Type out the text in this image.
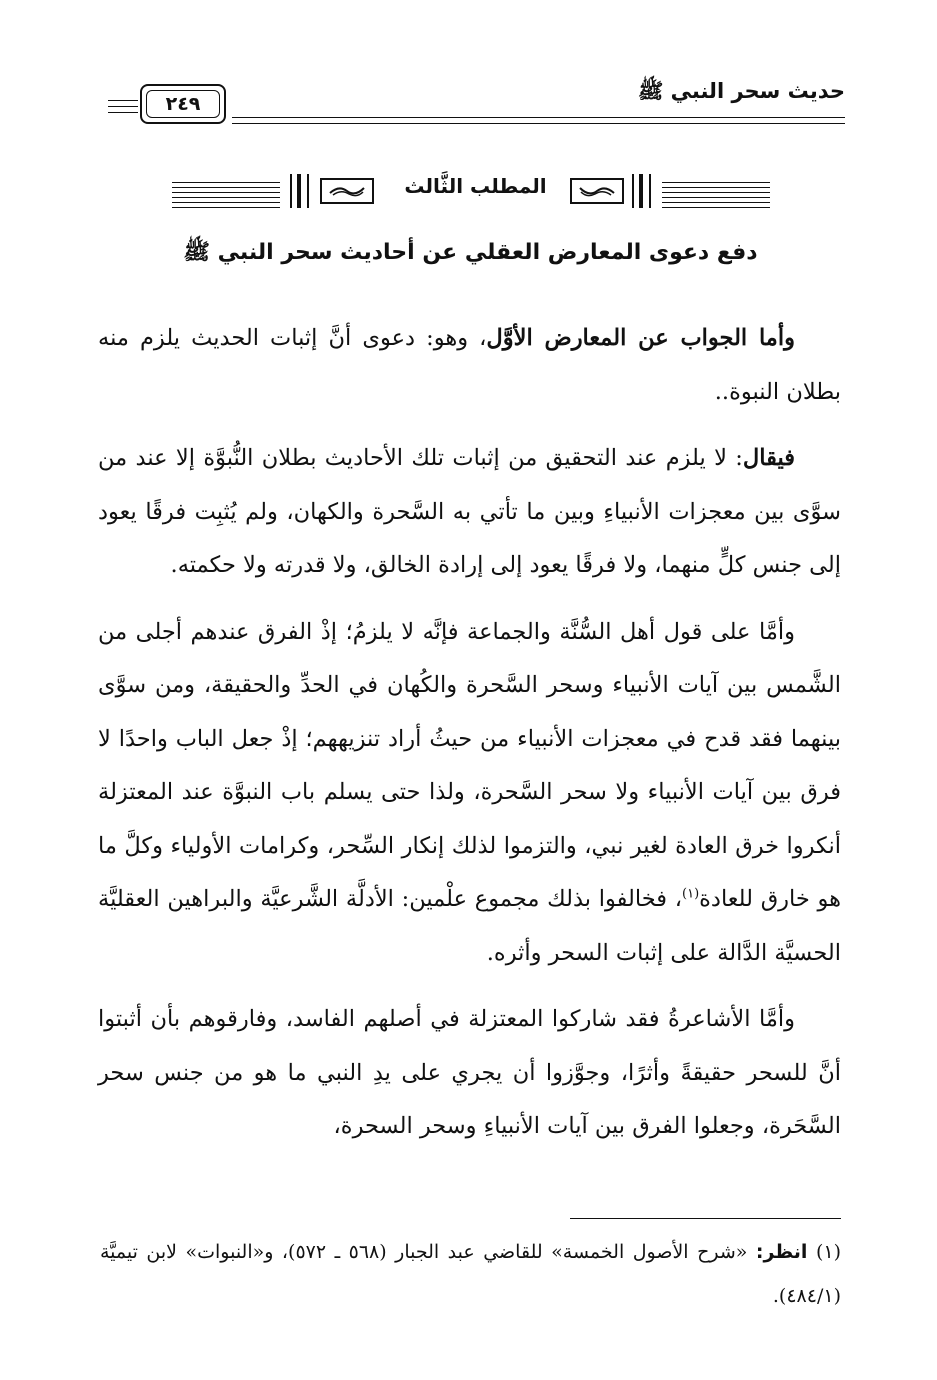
حديث سحر النبي ﷺ
٢٤٩
المطلب الثَّالث
دفع دعوى المعارض العقلي عن أحاديث سحر النبي ﷺ

وأما الجواب عن المعارض الأوَّل، وهو: دعوى أنَّ إثبات الحديث يلزم منه بطلان النبوة..

فيقال: لا يلزم عند التحقيق من إثبات تلك الأحاديث بطلان النُّبوَّة إلا عند من سوَّى بين معجزات الأنبياءِ وبين ما تأتي به السَّحرة والكهان، ولم يُثبِت فرقًا يعود إلى جنس كلٍّ منهما، ولا فرقًا يعود إلى إرادة الخالق، ولا قدرته ولا حكمته.

وأمَّا على قول أهل السُّنَّة والجماعة فإنَّه لا يلزمُ؛ إذْ الفرق عندهم أجلى من الشَّمس بين آيات الأنبياء وسحر السَّحرة والكُهان في الحدِّ والحقيقة، ومن سوَّى بينهما فقد قدح في معجزات الأنبياء من حيثُ أراد تنزيههم؛ إذْ جعل الباب واحدًا لا فرق بين آيات الأنبياء ولا سحر السَّحرة، ولذا حتى يسلم باب النبوَّة عند المعتزلة أنكروا خرق العادة لغير نبي، والتزموا لذلك إنكار السِّحر، وكرامات الأولياء وكلَّ ما هو خارق للعادة$^{(١)}$، فخالفوا بذلك مجموع علْمين: الأدلَّة الشَّرعيَّة والبراهين العقليَّة الحسيَّة الدَّالة على إثبات السحر وأثره.

وأمَّا الأشاعرةُ فقد شاركوا المعتزلة في أصلهم الفاسد، وفارقوهم بأن أثبتوا أنَّ للسحر حقيقةً وأثرًا، وجوَّزوا أن يجري على يدِ النبي ما هو من جنس سحر السَّحَرة، وجعلوا الفرق بين آيات الأنبياءِ وسحر السحرة،

(١) انظر: «شرح الأصول الخمسة» للقاضي عبد الجبار (٥٦٨ ـ ٥٧٢)، و«النبوات» لابن تيميَّة (٤٨٤/١).
